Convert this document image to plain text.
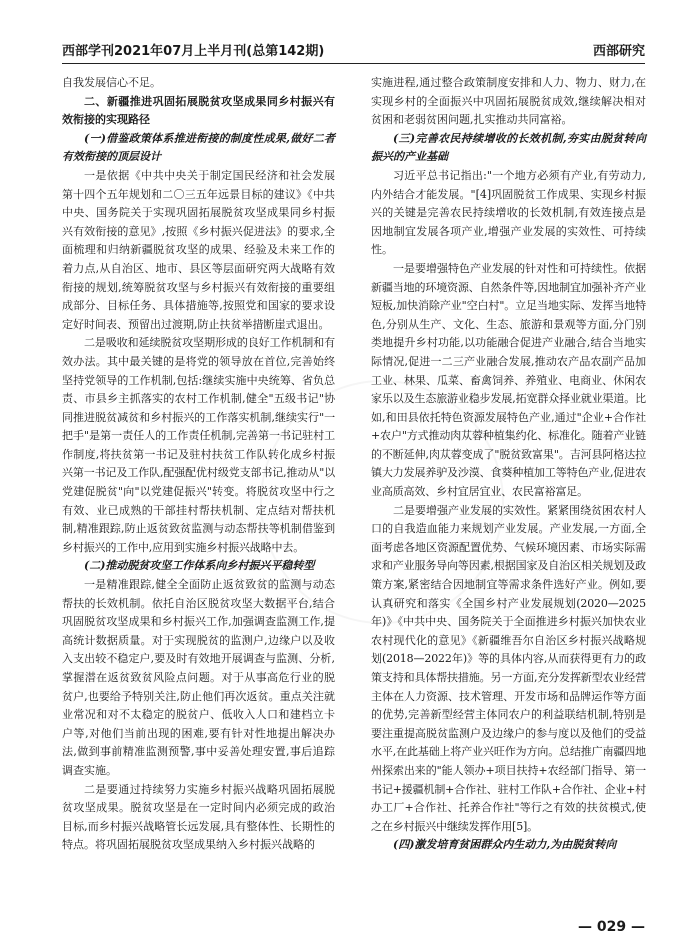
西部学刊2021年07月上半月刊(总第142期)	西部研究

自我发展信心不足。

二、新疆推进巩固拓展脱贫攻坚成果同乡村振兴有效衔接的实现路径

(一)借鉴政策体系推进衔接的制度性成果,做好二者有效衔接的顶层设计

一是依据《中共中央关于制定国民经济和社会发展第十四个五年规划和二〇三五年远景目标的建议》《中共中央、国务院关于实现巩固拓展脱贫攻坚成果同乡村振兴有效衔接的意见》,按照《乡村振兴促进法》的要求,全面梳理和归纳新疆脱贫攻坚的成果、经验及未来工作的着力点,从自治区、地市、县区等层面研究两大战略有效衔接的规划,统筹脱贫攻坚与乡村振兴有效衔接的重要组成部分、目标任务、具体措施等,按照党和国家的要求设定好时间表、预留出过渡期,防止扶贫举措断崖式退出。

二是吸收和延续脱贫攻坚期形成的良好工作机制和有效办法。其中最关键的是将党的领导放在首位,完善始终坚持党领导的工作机制,包括:继续实施中央统筹、省负总责、市县乡主抓落实的农村工作机制,健全"五级书记"协同推进脱贫减贫和乡村振兴的工作落实机制,继续实行"一把手"是第一责任人的工作责任机制,完善第一书记驻村工作制度,将扶贫第一书记及驻村扶贫工作队转化成乡村振兴第一书记及工作队,配强配优村级党支部书记,推动从"以党建促脱贫"向"以党建促振兴"转变。将脱贫攻坚中行之有效、业已成熟的干部挂村帮扶机制、定点结对帮扶机制,精准跟踪,防止返贫致贫监测与动态帮扶等机制借鉴到乡村振兴的工作中,应用到实施乡村振兴战略中去。

(二)推动脱贫攻坚工作体系向乡村振兴平稳转型

一是精准跟踪,健全全面防止返贫致贫的监测与动态帮扶的长效机制。依托自治区脱贫攻坚大数据平台,结合巩固脱贫攻坚成果和乡村振兴工作,加强调查监测工作,提高统计数据质量。对于实现脱贫的监测户,边缘户以及收入支出较不稳定户,要及时有效地开展调查与监测、分析,掌握潜在返贫致贫风险点问题。对于从事高危行业的脱贫户,也要给予特别关注,防止他们再次返贫。重点关注就业常况和对不太稳定的脱贫户、低收入人口和建档立卡户等,对他们当前出现的困难,要有针对性地提出解决办法,做到事前精准监测预警,事中妥善处理安置,事后追踪调查实施。

二是要通过持续努力实施乡村振兴战略巩固拓展脱贫攻坚成果。脱贫攻坚是在一定时间内必须完成的政治目标,而乡村振兴战略管长远发展,具有整体性、长期性的特点。将巩固拓展脱贫攻坚成果纳入乡村振兴战略的

实施进程,通过整合政策制度安排和人力、物力、财力,在实现乡村的全面振兴中巩固拓展脱贫成效,继续解决相对贫困和老弱贫困问题,扎实推动共同富裕。

(三)完善农民持续增收的长效机制,夯实由脱贫转向振兴的产业基础

习近平总书记指出:"一个地方必须有产业,有劳动力,内外结合才能发展。"[4]巩固脱贫工作成果、实现乡村振兴的关键是完善农民持续增收的长效机制,有效连接点是因地制宜发展各项产业,增强产业发展的实效性、可持续性。

一是要增强特色产业发展的针对性和可持续性。依据新疆当地的环境资源、自然条件等,因地制宜加强补齐产业短板,加快消除产业"空白村"。立足当地实际、发挥当地特色,分别从生产、文化、生态、旅游和景观等方面,分门别类地提升乡村功能,以功能融合促进产业融合,结合当地实际情况,促进一二三产业融合发展,推动农产品农副产品加工业、林果、瓜菜、畜禽饲养、养殖业、电商业、休闲农家乐以及生态旅游业稳步发展,拓宽群众择业就业渠道。比如,和田县依托特色资源发展特色产业,通过"企业+合作社+农户"方式推动肉苁蓉种植集约化、标准化。随着产业链的不断延伸,肉苁蓉变成了"脱贫致富果"。吉河县阿格达拉镇大力发展养驴及沙漠、食葵种植加工等特色产业,促进农业高质高效、乡村宜居宜业、农民富裕富足。

二是要增强产业发展的实效性。紧紧围绕贫困农村人口的自我造血能力来规划产业发展。产业发展,一方面,全面考虑各地区资源配置优势、气候环境因素、市场实际需求和产业服务导向等因素,根据国家及自治区相关规划及政策方案,紧密结合因地制宜等需求条件选好产业。例如,要认真研究和落实《全国乡村产业发展规划(2020—2025年)》《中共中央、国务院关于全面推进乡村振兴加快农业农村现代化的意见》《新疆维吾尔自治区乡村振兴战略规划(2018—2022年)》等的具体内容,从而获得更有力的政策支持和具体帮扶措施。另一方面,充分发挥新型农业经营主体在人力资源、技术管理、开发市场和品牌运作等方面的优势,完善新型经营主体同农户的利益联结机制,特别是要注重提高脱贫监测户及边缘户的参与度以及他们的受益水平,在此基础上将产业兴旺作为方向。总结推广南疆四地州探索出来的"能人领办+项目扶持+农经部门指导、第一书记+援疆机制+合作社、驻村工作队+合作社、企业+村办工厂+合作社、托养合作社"等行之有效的扶贫模式,使之在乡村振兴中继续发挥作用[5]。

(四)激发培育贫困群众内生动力,为由脱贫转向

— 029 —
